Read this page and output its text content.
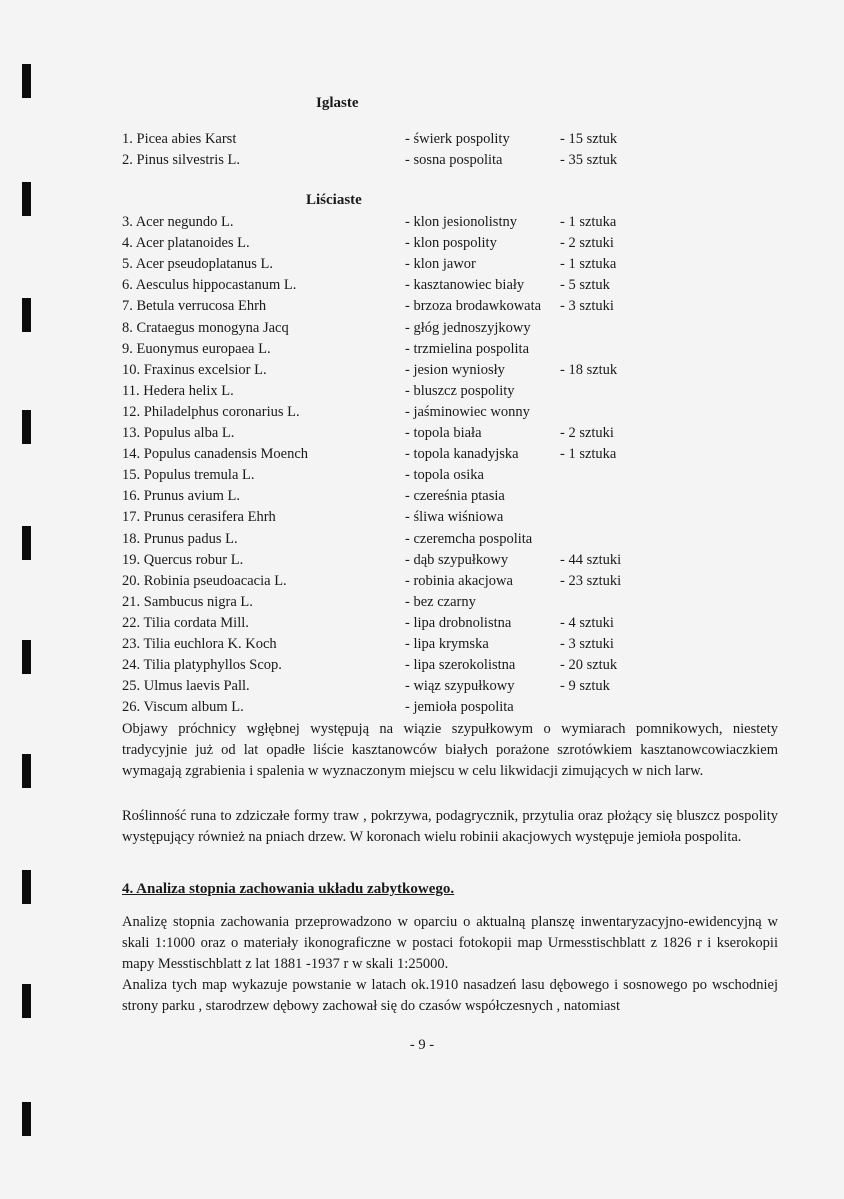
Iglaste
1. Picea abies Karst	- świerk pospolity	- 15 sztuk
2. Pinus silvestris L.	- sosna pospolita	- 35 sztuk
Liściaste
3. Acer negundo L.	- klon jesionolistny	- 1 sztuka
4. Acer platanoides L.	- klon pospolity	- 2 sztuki
5. Acer pseudoplatanus L.	- klon jawor	- 1 sztuka
6. Aesculus hippocastanum L.	- kasztanowiec biały - 5 sztuk
7. Betula verrucosa Ehrh	- brzoza brodawkowata - 3 sztuki
8. Crataegus monogyna Jacq	- głóg jednoszyjkowy
9. Euonymus europaea L.	- trzmielina pospolita
10. Fraxinus excelsior L.	- jesion wyniosły	- 18 sztuk
11. Hedera helix L.	- bluszcz pospolity
12. Philadelphus coronarius L.	- jaśminowiec wonny
13. Populus alba L.	- topola biała	- 2 sztuki
14. Populus canadensis Moench	- topola kanadyjska	- 1 sztuka
15. Populus tremula L.	- topola osika
16. Prunus avium L.	- czereśnia ptasia
17. Prunus cerasifera Ehrh	- śliwa wiśniowa
18. Prunus padus L.	- czeremcha pospolita
19. Quercus robur L.	- dąb szypułkowy	- 44 sztuki
20. Robinia pseudoacacia L.	- robinia akacjowa	- 23 sztuki
21. Sambucus nigra L.	- bez czarny
22. Tilia cordata Mill.	- lipa drobnolistna	- 4 sztuki
23. Tilia euchlora K. Koch	- lipa krymska	- 3 sztuki
24. Tilia platyphyllos Scop.	- lipa szerokolistna	- 20 sztuk
25. Ulmus laevis Pall.	- wiąz szypułkowy	- 9 sztuk
26. Viscum album L.	- jemioła pospolita
Objawy próchnicy wgłębnej występują na wiązie szypułkowym o wymiarach pomnikowych, niestety tradycyjnie już od lat opadłe liście kasztanowców białych porażone szrotówkiem kasztanowcowiaczkiem wymagają zgrabienia i spalenia w wyznaczonym miejscu w celu likwidacji zimujących w nich larw.
Roślinność runa to zdziczałe formy traw , pokrzywa, podagrycznik, przytulia oraz płożący się bluszcz pospolity występujący również na pniach drzew. W koronach wielu robinii akacjowych występuje jemioła pospolita.
4. Analiza stopnia zachowania układu zabytkowego.
Analizę stopnia zachowania przeprowadzono w oparciu o aktualną planszę inwentaryzacyjno-ewidencyjną w skali 1:1000 oraz o materiały ikonograficzne w postaci fotokopii map Urmesstischblatt z 1826 r i kserokopii mapy Messtischblatt z lat 1881 -1937 r w skali 1:25000.
Analiza tych map wykazuje powstanie w latach ok.1910 nasadzeń lasu dębowego i sosnowego po wschodniej strony parku , starodrzew dębowy zachował się do czasów współczesnych , natomiast
- 9 -
